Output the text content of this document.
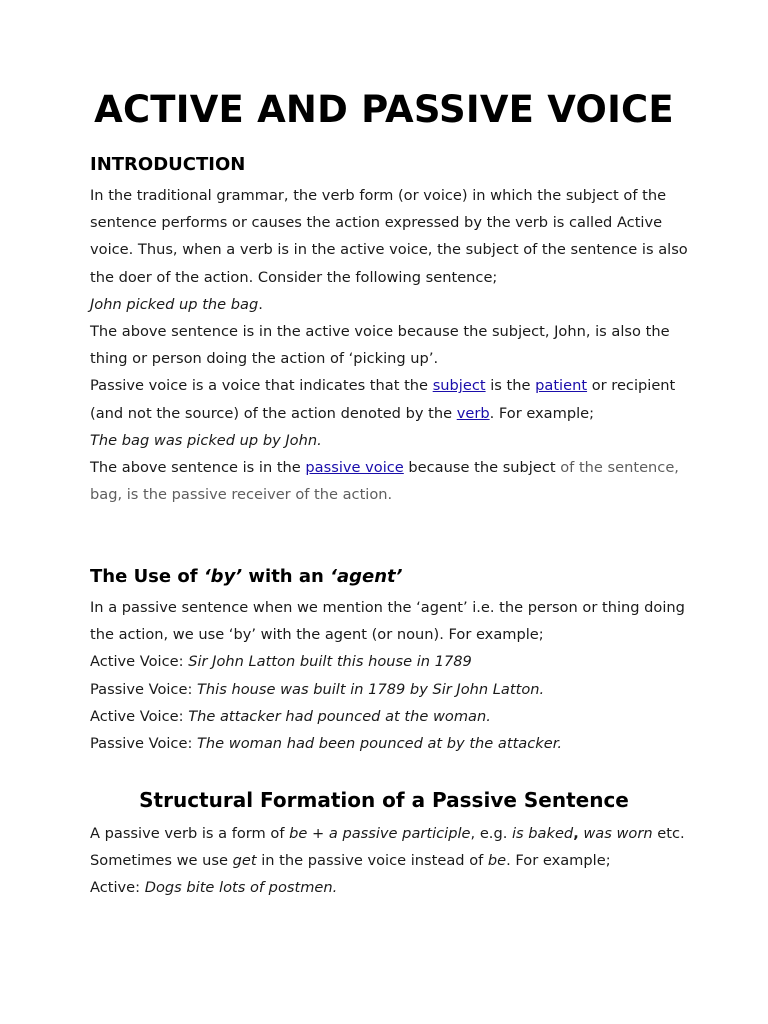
ACTIVE AND PASSIVE VOICE
INTRODUCTION

In the traditional grammar, the verb form (or voice) in which the subject of the sentence performs or causes the action expressed by the verb is called Active voice. Thus, when a verb is in the active voice, the subject of the sentence is also the doer of the action. Consider the following sentence;

John picked up the bag.

The above sentence is in the active voice because the subject, John, is also the thing or person doing the action of ‘picking up’.

Passive voice is a voice that indicates that the subject is the patient or recipient (and not the source) of the action denoted by the verb. For example;

The bag was picked up by John.

The above sentence is in the passive voice because the subject of the sentence, bag, is the passive receiver of the action.

The Use of ‘by’ with an ‘agent’

In a passive sentence when we mention the ‘agent’ i.e. the person or thing doing the action, we use ‘by’ with the agent (or noun). For example;

Active Voice: Sir John Latton built this house in 1789

Passive Voice: This house was built in 1789 by Sir John Latton.

Active Voice: The attacker had pounced at the woman.

Passive Voice: The woman had been pounced at by the attacker.

Structural Formation of a Passive Sentence

A passive verb is a form of be + a passive participle, e.g. is baked, was worn etc.

Sometimes we use get in the passive voice instead of be. For example;

Active: Dogs bite lots of postmen.
